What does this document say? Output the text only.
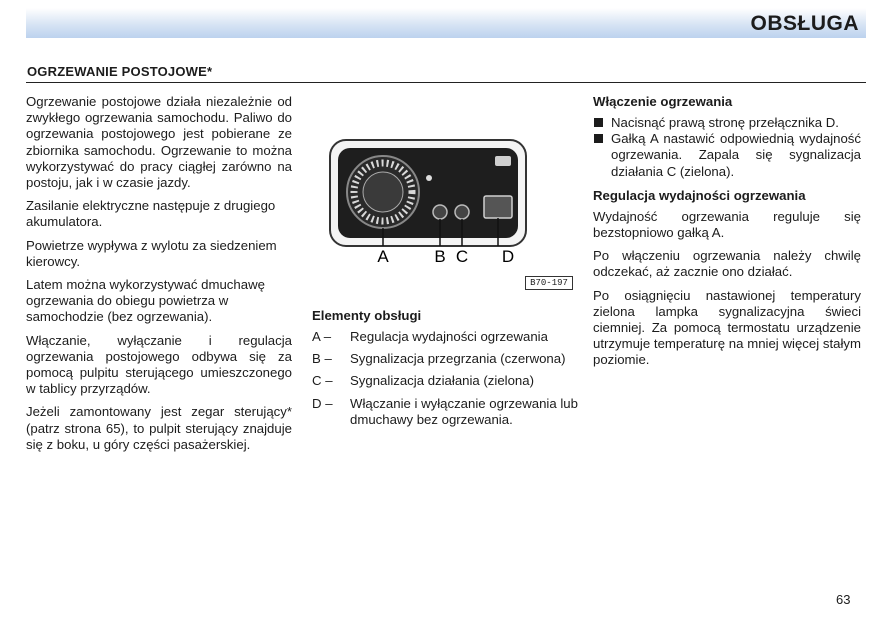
OBSŁUGA
OGRZEWANIE POSTOJOWE*

Ogrzewanie postojowe działa niezależnie od zwykłego ogrzewania samochodu. Paliwo do ogrzewania postojowego jest pobierane ze zbiornika samochodu. Ogrzewanie to można wykorzystywać do pracy ciągłej zarówno na postoju, jak i w czasie jazdy.

Zasilanie elektryczne następuje z drugiego akumulatora.

Powietrze wypływa z wylotu za siedzeniem kierowcy.

Latem można wykorzystywać dmuchawę ogrzewania do obiegu powietrza w samochodzie (bez ogrzewania).

Włączanie, wyłączanie i regulacja ogrzewania postojowego odbywa się za pomocą pulpitu sterującego umieszczonego w tablicy przyrządów.

Jeżeli zamontowany jest zegar sterujący* (patrz strona 65), to pulpit sterujący znajduje się z boku, u góry części pasażerskiej.

A	B C D
B70-197
Elementy obsługi
A –	Regulacja wydajności ogrzewania
B –	Sygnalizacja przegrzania (czerwona)
C –	Sygnalizacja działania (zielona)
D –	Włączanie i wyłączanie ogrzewania lub dmuchawy bez ogrzewania.
Włączenie ogrzewania
Nacisnąć prawą stronę przełącznika D.
Gałką A nastawić odpowiednią wydajność ogrzewania. Zapala się sygnalizacja działania C (zielona).
Regulacja wydajności ogrzewania

Wydajność ogrzewania reguluje się bezstopniowo gałką A.

Po włączeniu ogrzewania należy chwilę odczekać, aż zacznie ono działać.

Po osiągnięciu nastawionej temperatury zielona lampka sygnalizacyjna świeci ciemniej. Za pomocą termostatu urządzenie utrzymuje temperaturę na mniej więcej stałym poziomie.

63
